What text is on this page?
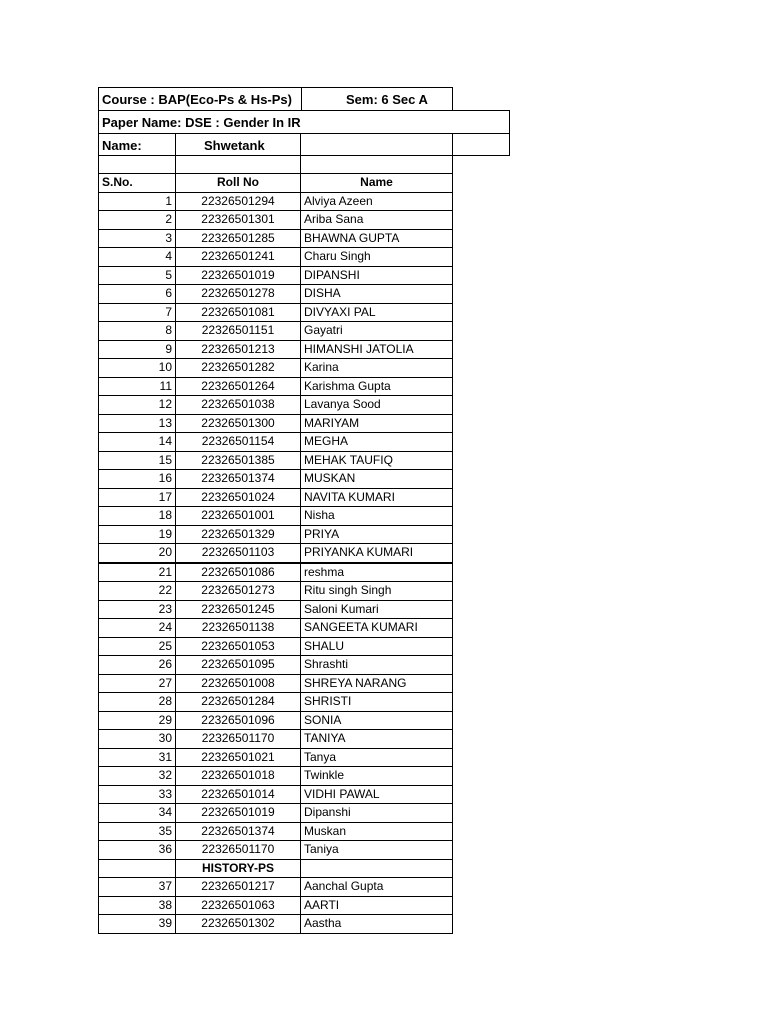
Course : BAP(Eco-Ps & Hs-Ps)	Sem: 6 Sec A
Paper Name: DSE : Gender In IR
Name:	Shwetank
S.No.	Roll No	Name
1	22326501294	Alviya Azeen
2	22326501301	Ariba Sana
3	22326501285	BHAWNA GUPTA
4	22326501241	Charu Singh
5	22326501019	DIPANSHI
6	22326501278	DISHA
7	22326501081	DIVYAXI PAL
8	22326501151	Gayatri
9	22326501213	HIMANSHI JATOLIA
10	22326501282	Karina
11	22326501264	Karishma Gupta
12	22326501038	Lavanya Sood
13	22326501300	MARIYAM
14	22326501154	MEGHA
15	22326501385	MEHAK TAUFIQ
16	22326501374	MUSKAN
17	22326501024	NAVITA KUMARI
18	22326501001	Nisha
19	22326501329	PRIYA
20	22326501103	PRIYANKA KUMARI
21	22326501086	reshma
22	22326501273	Ritu singh Singh
23	22326501245	Saloni Kumari
24	22326501138	SANGEETA KUMARI
25	22326501053	SHALU
26	22326501095	Shrashti
27	22326501008	SHREYA NARANG
28	22326501284	SHRISTI
29	22326501096	SONIA
30	22326501170	TANIYA
31	22326501021	Tanya
32	22326501018	Twinkle
33	22326501014	VIDHI PAWAL
34	22326501019	Dipanshi
35	22326501374	Muskan
36	22326501170	Taniya
	HISTORY-PS	
37	22326501217	Aanchal Gupta
38	22326501063	AARTI
39	22326501302	Aastha
